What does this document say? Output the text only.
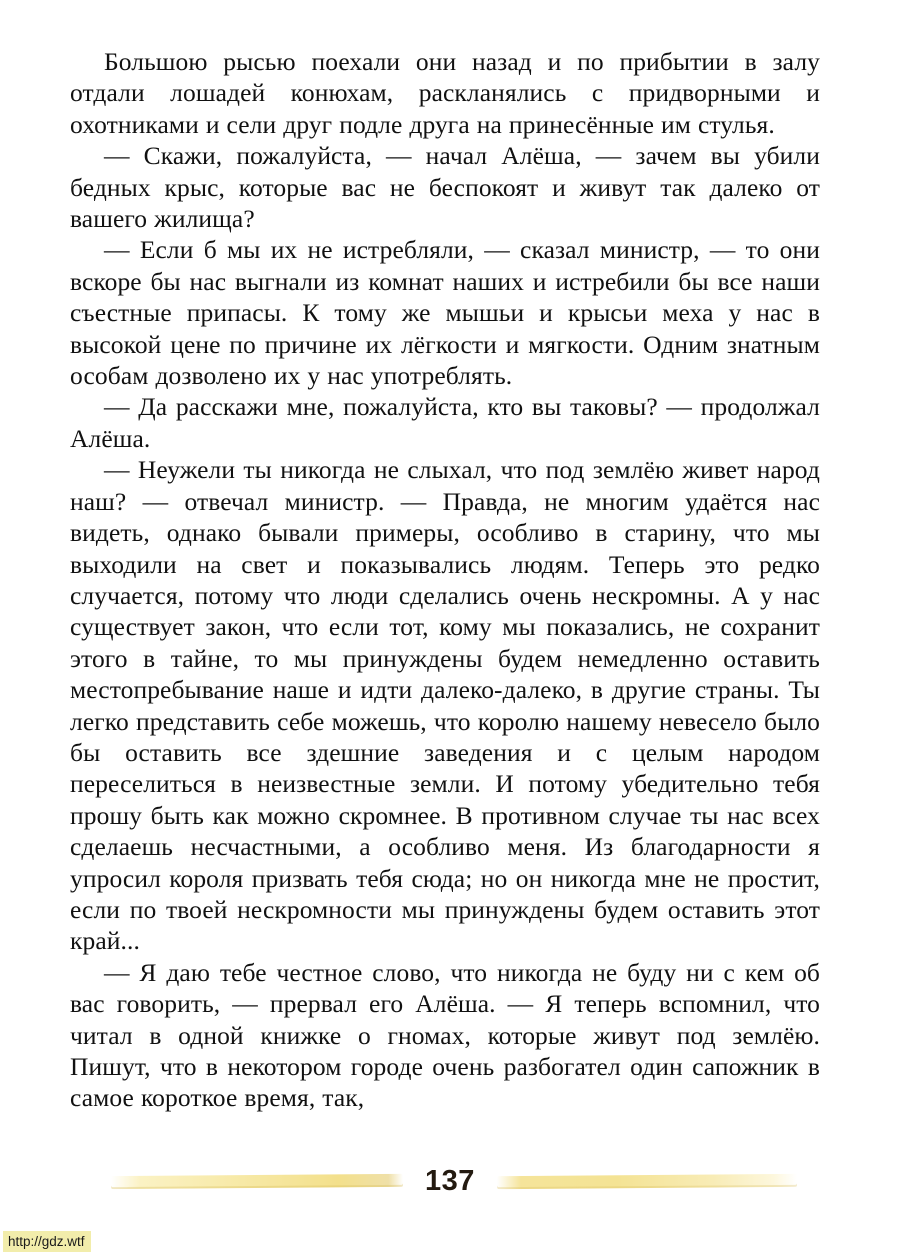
Большою рысью поехали они назад и по прибытии в залу отдали лошадей конюхам, раскланялись с придворными и охотниками и сели друг подле друга на принесённые им стулья.

— Скажи, пожалуйста, — начал Алёша, — зачем вы убили бедных крыс, которые вас не беспокоят и живут так далеко от вашего жилища?

— Если б мы их не истребляли, — сказал министр, — то они вскоре бы нас выгнали из комнат наших и истребили бы все наши съестные припасы. К тому же мышьи и крысьи меха у нас в высокой цене по причине их лёгкости и мягкости. Одним знатным особам дозволено их у нас употреблять.

— Да расскажи мне, пожалуйста, кто вы таковы? — продолжал Алёша.

— Неужели ты никогда не слыхал, что под землёю живет народ наш? — отвечал министр. — Правда, не многим удаётся нас видеть, однако бывали примеры, особливо в старину, что мы выходили на свет и показывались людям. Теперь это редко случается, потому что люди сделались очень нескромны. А у нас существует закон, что если тот, кому мы показались, не сохранит этого в тайне, то мы принуждены будем немедленно оставить местопребывание наше и идти далеко-далеко, в другие страны. Ты легко представить себе можешь, что королю нашему невесело было бы оставить все здешние заведения и с целым народом переселиться в неизвестные земли. И потому убедительно тебя прошу быть как можно скромнее. В противном случае ты нас всех сделаешь несчастными, а особливо меня. Из благодарности я упросил короля призвать тебя сюда; но он никогда мне не простит, если по твоей нескромности мы принуждены будем оставить этот край...

— Я даю тебе честное слово, что никогда не буду ни с кем об вас говорить, — прервал его Алёша. — Я теперь вспомнил, что читал в одной книжке о гномах, которые живут под землёю. Пишут, что в некотором городе очень разбогател один сапожник в самое короткое время, так,

137
http://gdz.wtf
